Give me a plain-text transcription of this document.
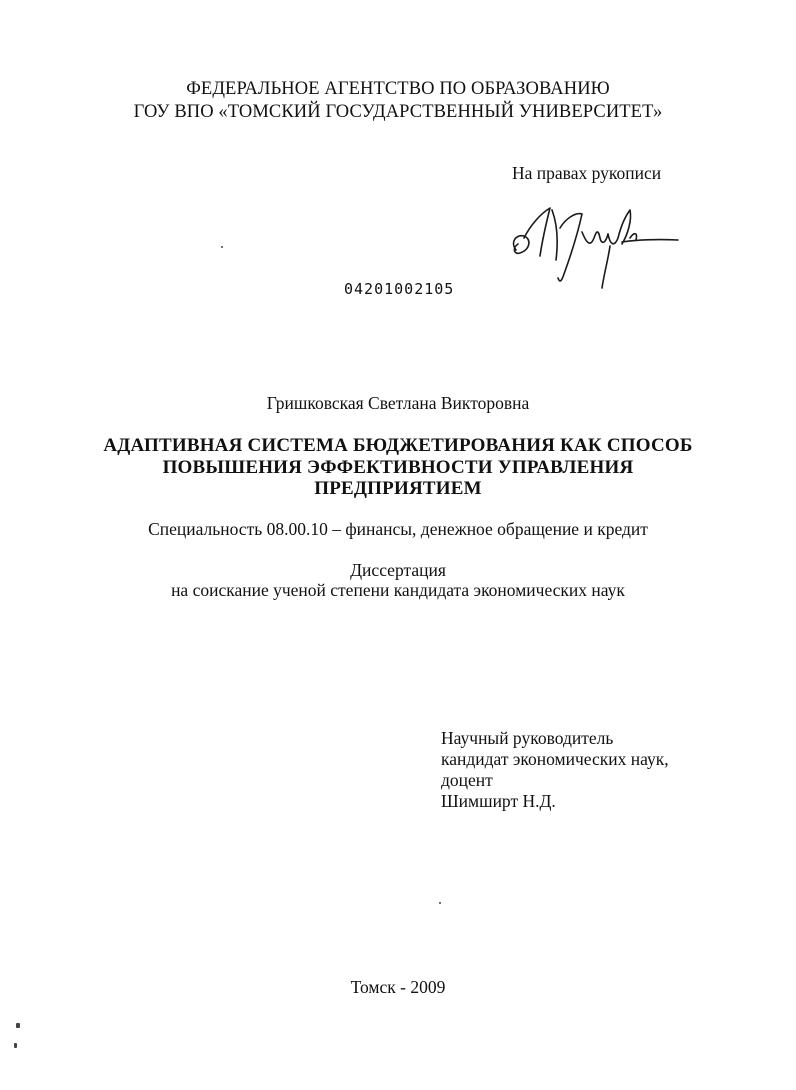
ФЕДЕРАЛЬНОЕ АГЕНТСТВО ПО ОБРАЗОВАНИЮ

ГОУ ВПО «ТОМСКИЙ ГОСУДАРСТВЕННЫЙ УНИВЕРСИТЕТ»

На правах рукописи

04201002105

Гришковская Светлана Викторовна

АДАПТИВНАЯ СИСТЕМА БЮДЖЕТИРОВАНИЯ КАК СПОСОБ

ПОВЫШЕНИЯ ЭФФЕКТИВНОСТИ УПРАВЛЕНИЯ

ПРЕДПРИЯТИЕМ

Специальность 08.00.10 – финансы, денежное обращение и кредит

Диссертация

на соискание ученой степени кандидата экономических наук

Научный руководитель

кандидат экономических наук,

доцент

Шимширт Н.Д.

Томск - 2009
